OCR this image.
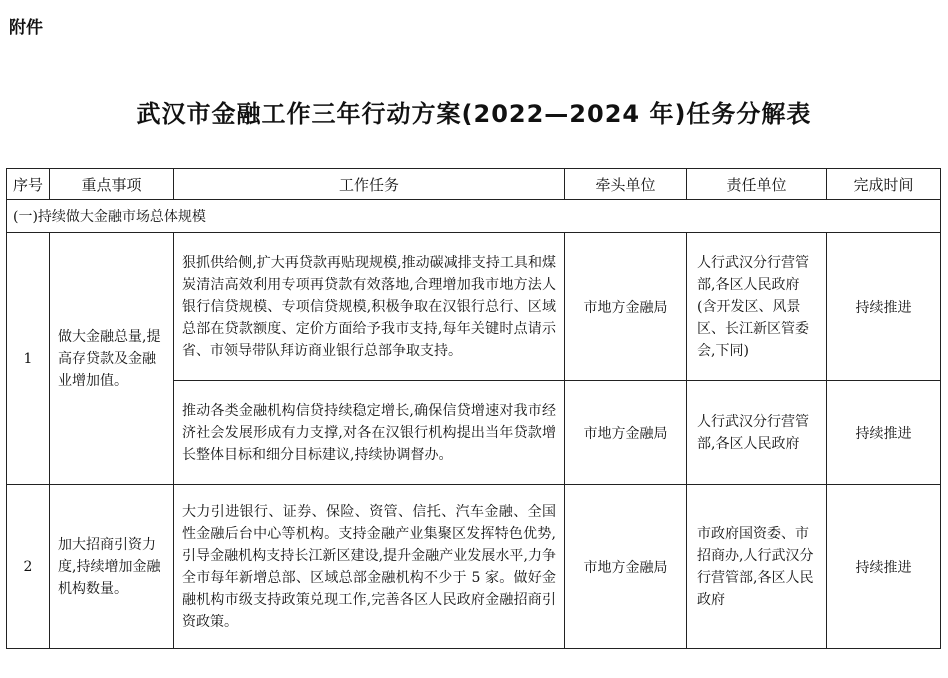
附件
武汉市金融工作三年行动方案(2022—2024 年)任务分解表
序号	重点事项	工作任务	牵头单位	责任单位	完成时间
(一)持续做大金融市场总体规模					
1	做大金融总量,提高存贷款及金融业增加值。	狠抓供给侧,扩大再贷款再贴现规模,推动碳减排支持工具和煤炭清洁高效利用专项再贷款有效落地,合理增加我市地方法人银行信贷规模、专项信贷规模,积极争取在汉银行总行、区域总部在贷款额度、定价方面给予我市支持,每年关键时点请示省、市领导带队拜访商业银行总部争取支持。	市地方金融局	人行武汉分行营管部,各区人民政府(含开发区、风景区、长江新区管委会,下同)	持续推进
		推动各类金融机构信贷持续稳定增长,确保信贷增速对我市经济社会发展形成有力支撑,对各在汉银行机构提出当年贷款增长整体目标和细分目标建议,持续协调督办。	市地方金融局	人行武汉分行营管部,各区人民政府	持续推进
2	加大招商引资力度,持续增加金融机构数量。	大力引进银行、证券、保险、资管、信托、汽车金融、全国性金融后台中心等机构。支持金融产业集聚区发挥特色优势,引导金融机构支持长江新区建设,提升金融产业发展水平,力争全市每年新增总部、区域总部金融机构不少于 5 家。做好金融机构市级支持政策兑现工作,完善各区人民政府金融招商引资政策。	市地方金融局	市政府国资委、市招商办,人行武汉分行营管部,各区人民政府	持续推进
